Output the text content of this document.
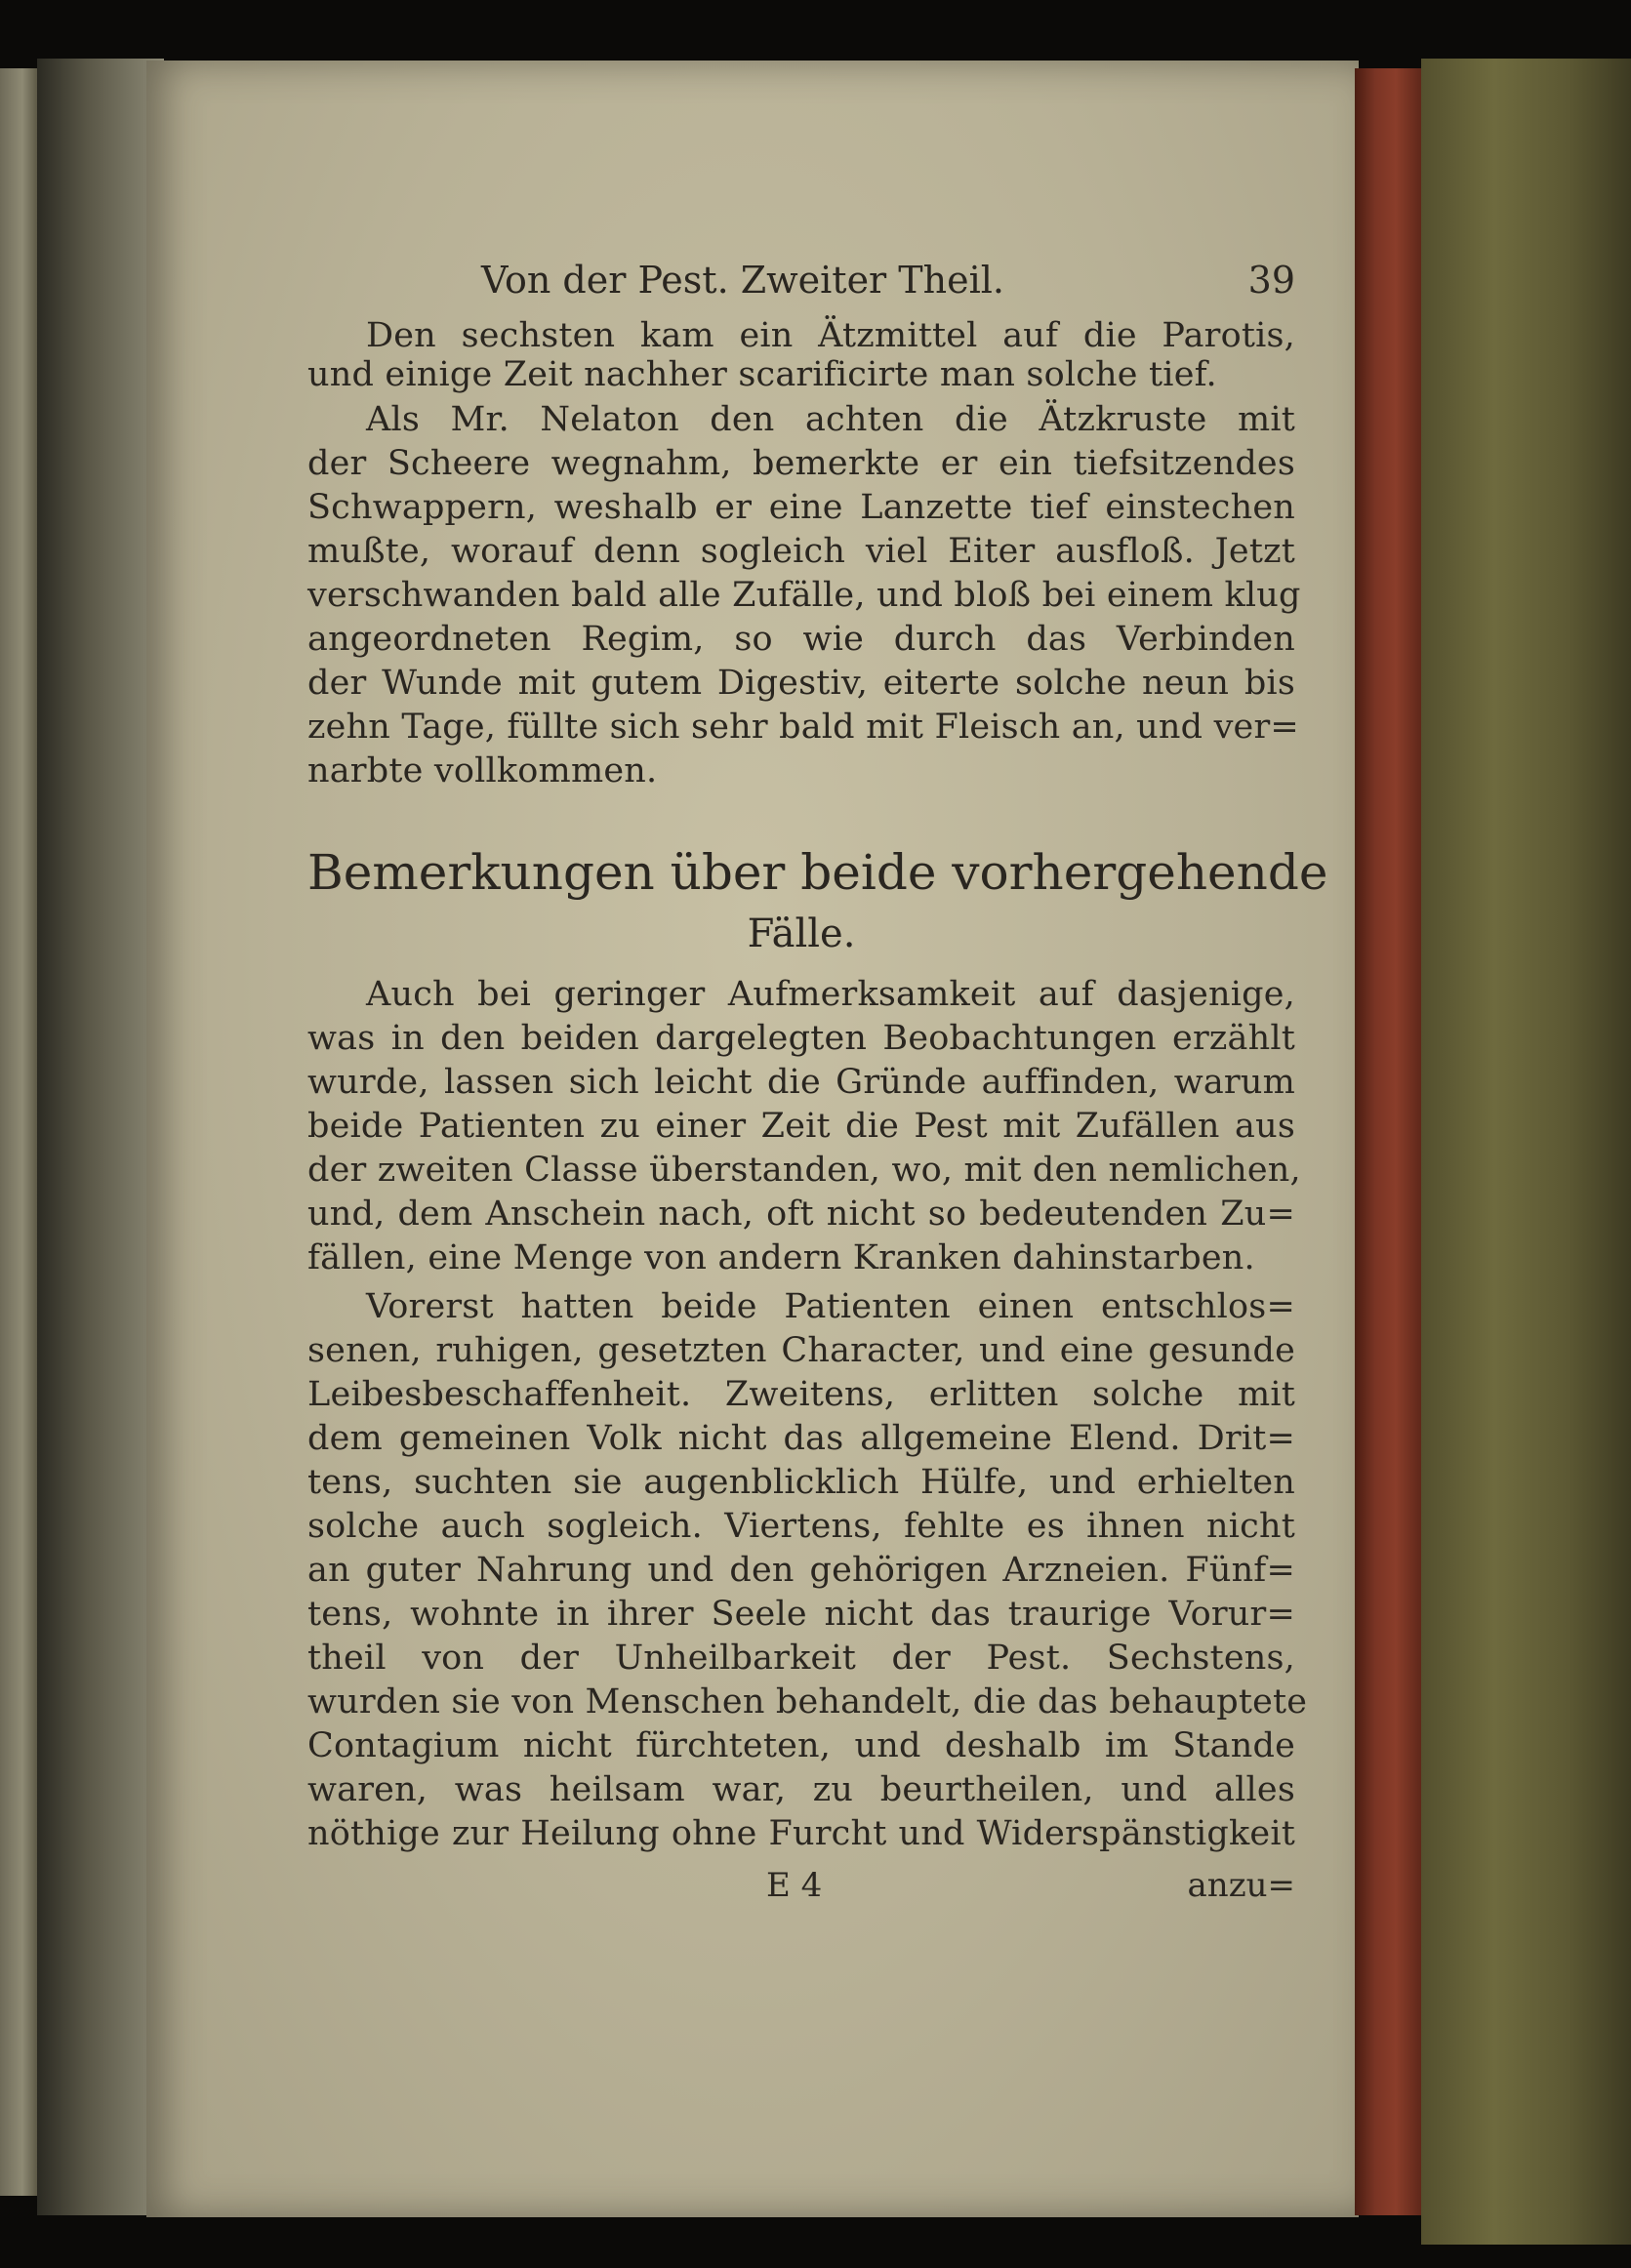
Von der Pest. Zweiter Theil.	39
Den sechsten kam ein Ätzmittel auf die Parotis,
und einige Zeit nachher scarificirte man solche tief.
Als Mr. Nelaton den achten die Ätzkruste mit
der Scheere wegnahm, bemerkte er ein tiefsitzendes
Schwappern, weshalb er eine Lanzette tief einstechen
mußte, worauf denn sogleich viel Eiter ausfloß. Jetzt
verschwanden bald alle Zufälle, und bloß bei einem klug
angeordneten Regim, so wie durch das Verbinden
der Wunde mit gutem Digestiv, eiterte solche neun bis
zehn Tage, füllte sich sehr bald mit Fleisch an, und ver=
narbte vollkommen.
Bemerkungen über beide vorhergehende
Fälle.
Auch bei geringer Aufmerksamkeit auf dasjenige,
was in den beiden dargelegten Beobachtungen erzählt
wurde, lassen sich leicht die Gründe auffinden, warum
beide Patienten zu einer Zeit die Pest mit Zufällen aus
der zweiten Classe überstanden, wo, mit den nemlichen,
und, dem Anschein nach, oft nicht so bedeutenden Zu=
fällen, eine Menge von andern Kranken dahinstarben.
Vorerst hatten beide Patienten einen entschlos=
senen, ruhigen, gesetzten Character, und eine gesunde
Leibesbeschaffenheit. Zweitens, erlitten solche mit
dem gemeinen Volk nicht das allgemeine Elend. Drit=
tens, suchten sie augenblicklich Hülfe, und erhielten
solche auch sogleich. Viertens, fehlte es ihnen nicht
an guter Nahrung und den gehörigen Arzneien. Fünf=
tens, wohnte in ihrer Seele nicht das traurige Vorur=
theil von der Unheilbarkeit der Pest. Sechstens,
wurden sie von Menschen behandelt, die das behauptete
Contagium nicht fürchteten, und deshalb im Stande
waren, was heilsam war, zu beurtheilen, und alles
nöthige zur Heilung ohne Furcht und Widerspänstigkeit
E 4	anzu=
